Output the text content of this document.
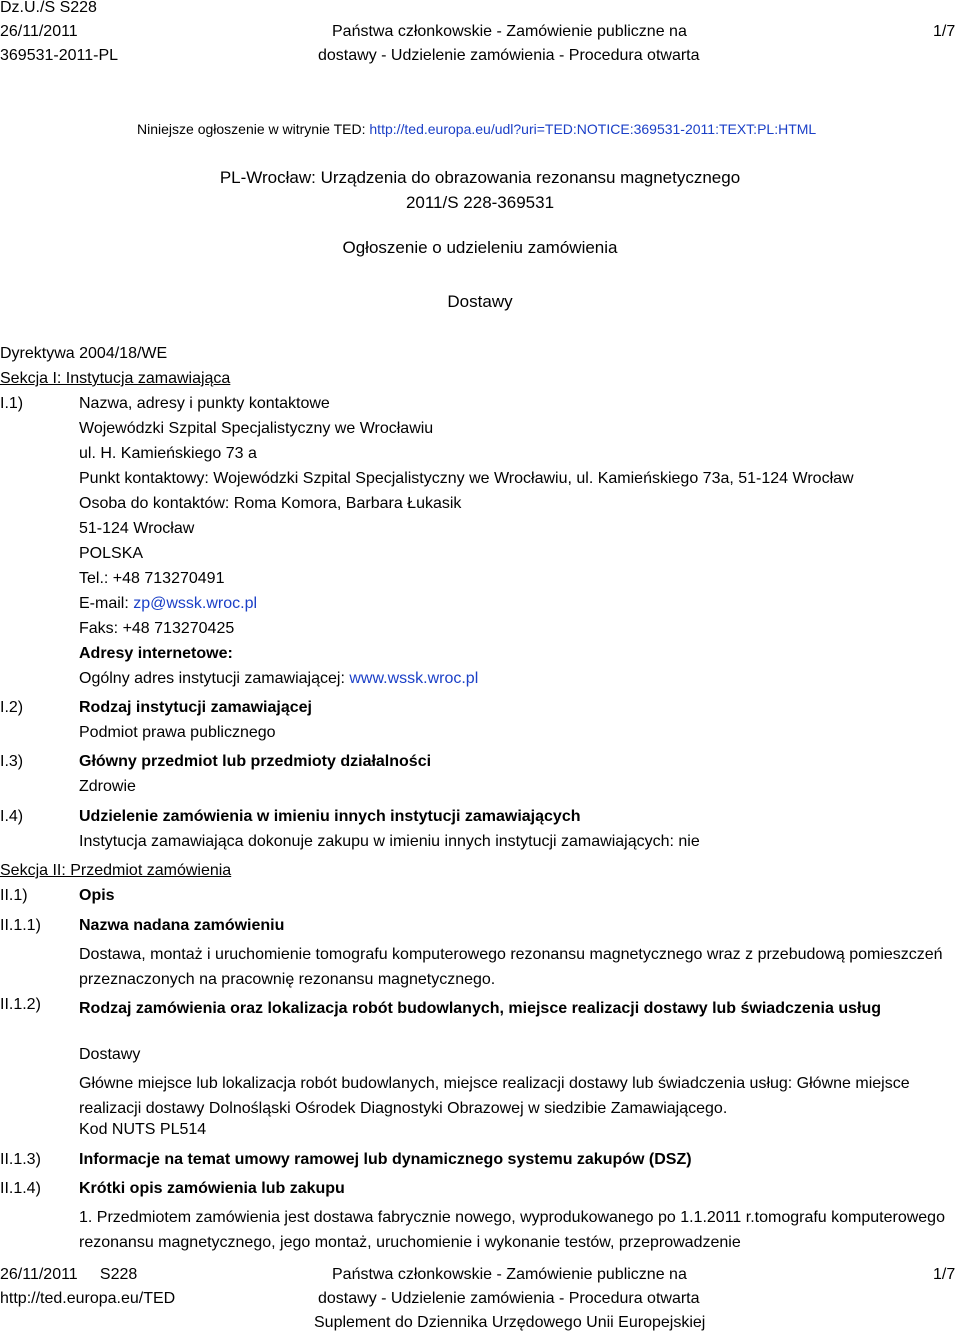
Dz.U./S S228
26/11/2011
369531-2011-PL
Państwa członkowskie - Zamówienie publiczne na
dostawy - Udzielenie zamówienia - Procedura otwarta
1/7
Niniejsze ogłoszenie w witrynie TED: http://ted.europa.eu/udl?uri=TED:NOTICE:369531-2011:TEXT:PL:HTML
PL-Wrocław: Urządzenia do obrazowania rezonansu magnetycznego
2011/S 228-369531
Ogłoszenie o udzieleniu zamówienia
Dostawy
Dyrektywa 2004/18/WE
Sekcja I: Instytucja zamawiająca
I.1)	Nazwa, adresy i punkty kontaktowe
Wojewódzki Szpital Specjalistyczny we Wrocławiu
ul. H. Kamieńskiego 73 a
Punkt kontaktowy: Wojewódzki Szpital Specjalistyczny we Wrocławiu, ul. Kamieńskiego 73a, 51-124 Wrocław
Osoba do kontaktów: Roma Komora, Barbara Łukasik
51-124 Wrocław
POLSKA
Tel.: +48 713270491
E-mail: zp@wssk.wroc.pl
Faks: +48 713270425
Adresy internetowe:
Ogólny adres instytucji zamawiającej: www.wssk.wroc.pl
I.2)	Rodzaj instytucji zamawiającej
Podmiot prawa publicznego
I.3)	Główny przedmiot lub przedmioty działalności
Zdrowie
I.4)	Udzielenie zamówienia w imieniu innych instytucji zamawiających
Instytucja zamawiająca dokonuje zakupu w imieniu innych instytucji zamawiających: nie
Sekcja II: Przedmiot zamówienia
II.1)	Opis
II.1.1) Nazwa nadana zamówieniu
Dostawa, montaż i uruchomienie tomografu komputerowego rezonansu magnetycznego wraz z przebudową pomieszczeń przeznaczonych na pracownię rezonansu magnetycznego.
II.1.2) Rodzaj zamówienia oraz lokalizacja robót budowlanych, miejsce realizacji dostawy lub świadczenia usług
Dostawy
Główne miejsce lub lokalizacja robót budowlanych, miejsce realizacji dostawy lub świadczenia usług: Główne miejsce realizacji dostawy Dolnośląski Ośrodek Diagnostyki Obrazowej w siedzibie Zamawiającego.
Kod NUTS PL514
II.1.3) Informacje na temat umowy ramowej lub dynamicznego systemu zakupów (DSZ)
II.1.4) Krótki opis zamówienia lub zakupu
1. Przedmiotem zamówienia jest dostawa fabrycznie nowego, wyprodukowanego po 1.1.2011 r.tomografu komputerowego rezonansu magnetycznego, jego montaż, uruchomienie i wykonanie testów, przeprowadzenie
26/11/2011     S228
http://ted.europa.eu/TED
Państwa członkowskie - Zamówienie publiczne na
dostawy - Udzielenie zamówienia - Procedura otwarta
Suplement do Dziennika Urzędowego Unii Europejskiej
1/7
